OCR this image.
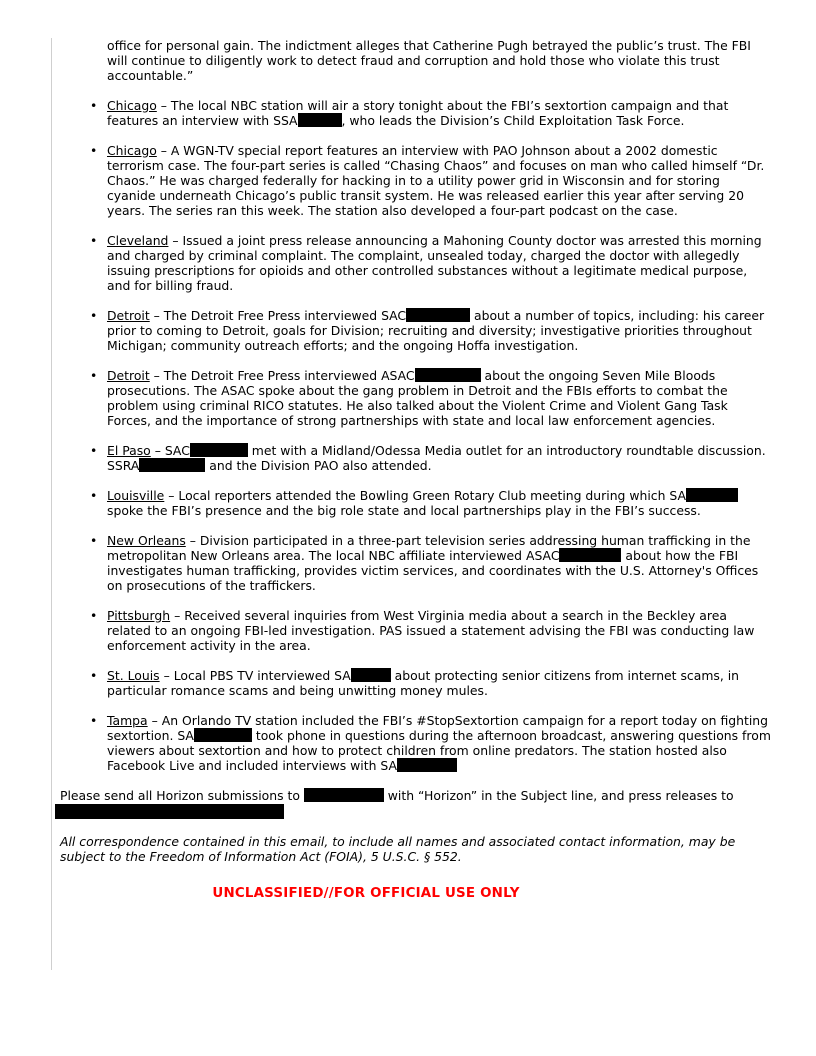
office for personal gain. The indictment alleges that Catherine Pugh betrayed the public’s trust. The FBI will continue to diligently work to detect fraud and corruption and hold those who violate this trust accountable.”

• Chicago – The local NBC station will air a story tonight about the FBI’s sextortion campaign and that features an interview with SSA	, who leads the Division’s Child Exploitation Task Force.
• Chicago – A WGN-TV special report features an interview with PAO Johnson about a 2002 domestic terrorism case. The four-part series is called “Chasing Chaos” and focuses on man who called himself “Dr. Chaos.” He was charged federally for hacking in to a utility power grid in Wisconsin and for storing cyanide underneath Chicago’s public transit system. He was released earlier this year after serving 20 years. The series ran this week. The station also developed a four-part podcast on the case.
• Cleveland – Issued a joint press release announcing a Mahoning County doctor was arrested this morning and charged by criminal complaint. The complaint, unsealed today, charged the doctor with allegedly issuing prescriptions for opioids and other controlled substances without a legitimate medical purpose, and for billing fraud.
• Detroit – The Detroit Free Press interviewed SAC	about a number of topics, including: his career prior to coming to Detroit, goals for Division; recruiting and diversity; investigative priorities throughout Michigan; community outreach efforts; and the ongoing Hoffa investigation.
• Detroit – The Detroit Free Press interviewed ASAC	about the ongoing Seven Mile Bloods prosecutions. The ASAC spoke about the gang problem in Detroit and the FBIs efforts to combat the problem using criminal RICO statutes. He also talked about the Violent Crime and Violent Gang Task Forces, and the importance of strong partnerships with state and local law enforcement agencies.
• El Paso – SAC	met with a Midland/Odessa Media outlet for an introductory roundtable discussion. SSRA	and the Division PAO also attended.
• Louisville – Local reporters attended the Bowling Green Rotary Club meeting during which SA spoke the FBI’s presence and the big role state and local partnerships play in the FBI’s success.
• New Orleans – Division participated in a three-part television series addressing human trafficking in the metropolitan New Orleans area. The local NBC affiliate interviewed ASAC	about how the FBI investigates human trafficking, provides victim services, and coordinates with the U.S. Attorney's Offices on prosecutions of the traffickers.
• Pittsburgh – Received several inquiries from West Virginia media about a search in the Beckley area related to an ongoing FBI-led investigation. PAS issued a statement advising the FBI was conducting law enforcement activity in the area.
• St. Louis – Local PBS TV interviewed SA	about protecting senior citizens from internet scams, in particular romance scams and being unwitting money mules.
• Tampa – An Orlando TV station included the FBI’s #StopSextortion campaign for a report today on fighting sextortion. SA	took phone in questions during the afternoon broadcast, answering questions from viewers about sextortion and how to protect children from online predators. The station hosted also Facebook Live and included interviews with SA
Please send all Horizon submissions to	with “Horizon” in the Subject line, and press releases to

All correspondence contained in this email, to include all names and associated contact information, may be subject to the Freedom of Information Act (FOIA), 5 U.S.C. § 552.

UNCLASSIFIED//FOR OFFICIAL USE ONLY
